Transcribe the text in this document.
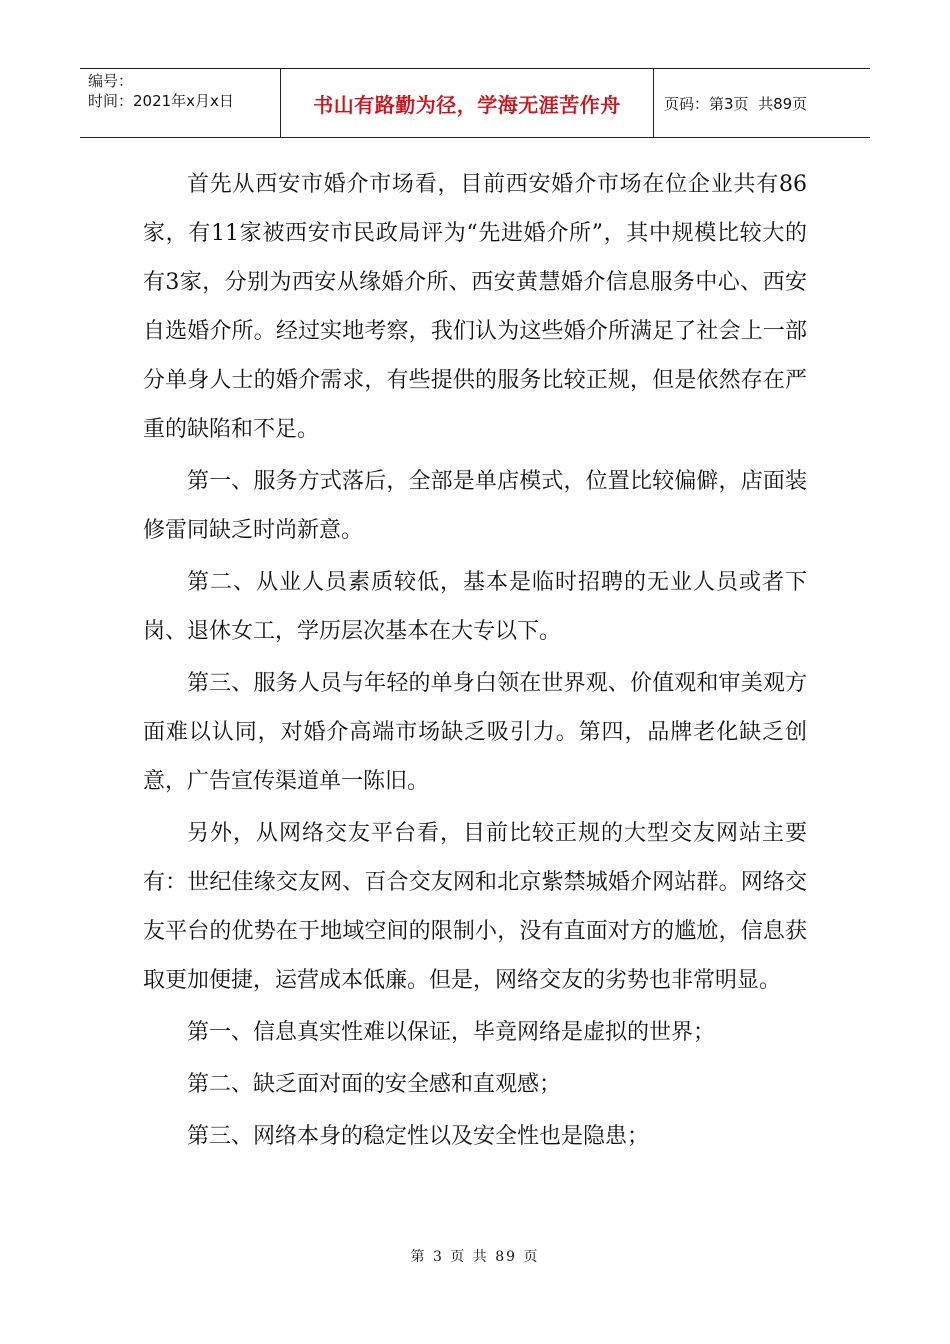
编号：
时间：2021年x月x日	书山有路勤为径，学海无涯苦作舟	页码：第3页  共89页

首先从西安市婚介市场看，目前西安婚介市场在位企业共有86家，有11家被西安市民政局评为“先进婚介所”，其中规模比较大的有3家，分别为西安从缘婚介所、西安黄慧婚介信息服务中心、西安自选婚介所。经过实地考察，我们认为这些婚介所满足了社会上一部分单身人士的婚介需求，有些提供的服务比较正规，但是依然存在严重的缺陷和不足。

第一、服务方式落后，全部是单店模式，位置比较偏僻，店面装修雷同缺乏时尚新意。

第二、从业人员素质较低，基本是临时招聘的无业人员或者下岗、退休女工，学历层次基本在大专以下。

第三、服务人员与年轻的单身白领在世界观、价值观和审美观方面难以认同，对婚介高端市场缺乏吸引力。第四，品牌老化缺乏创意，广告宣传渠道单一陈旧。

另外，从网络交友平台看，目前比较正规的大型交友网站主要有：世纪佳缘交友网、百合交友网和北京紫禁城婚介网站群。网络交友平台的优势在于地域空间的限制小，没有直面对方的尴尬，信息获取更加便捷，运营成本低廉。但是，网络交友的劣势也非常明显。

第一、信息真实性难以保证，毕竟网络是虚拟的世界；

第二、缺乏面对面的安全感和直观感；

第三、网络本身的稳定性以及安全性也是隐患；

第 3 页 共 89 页
